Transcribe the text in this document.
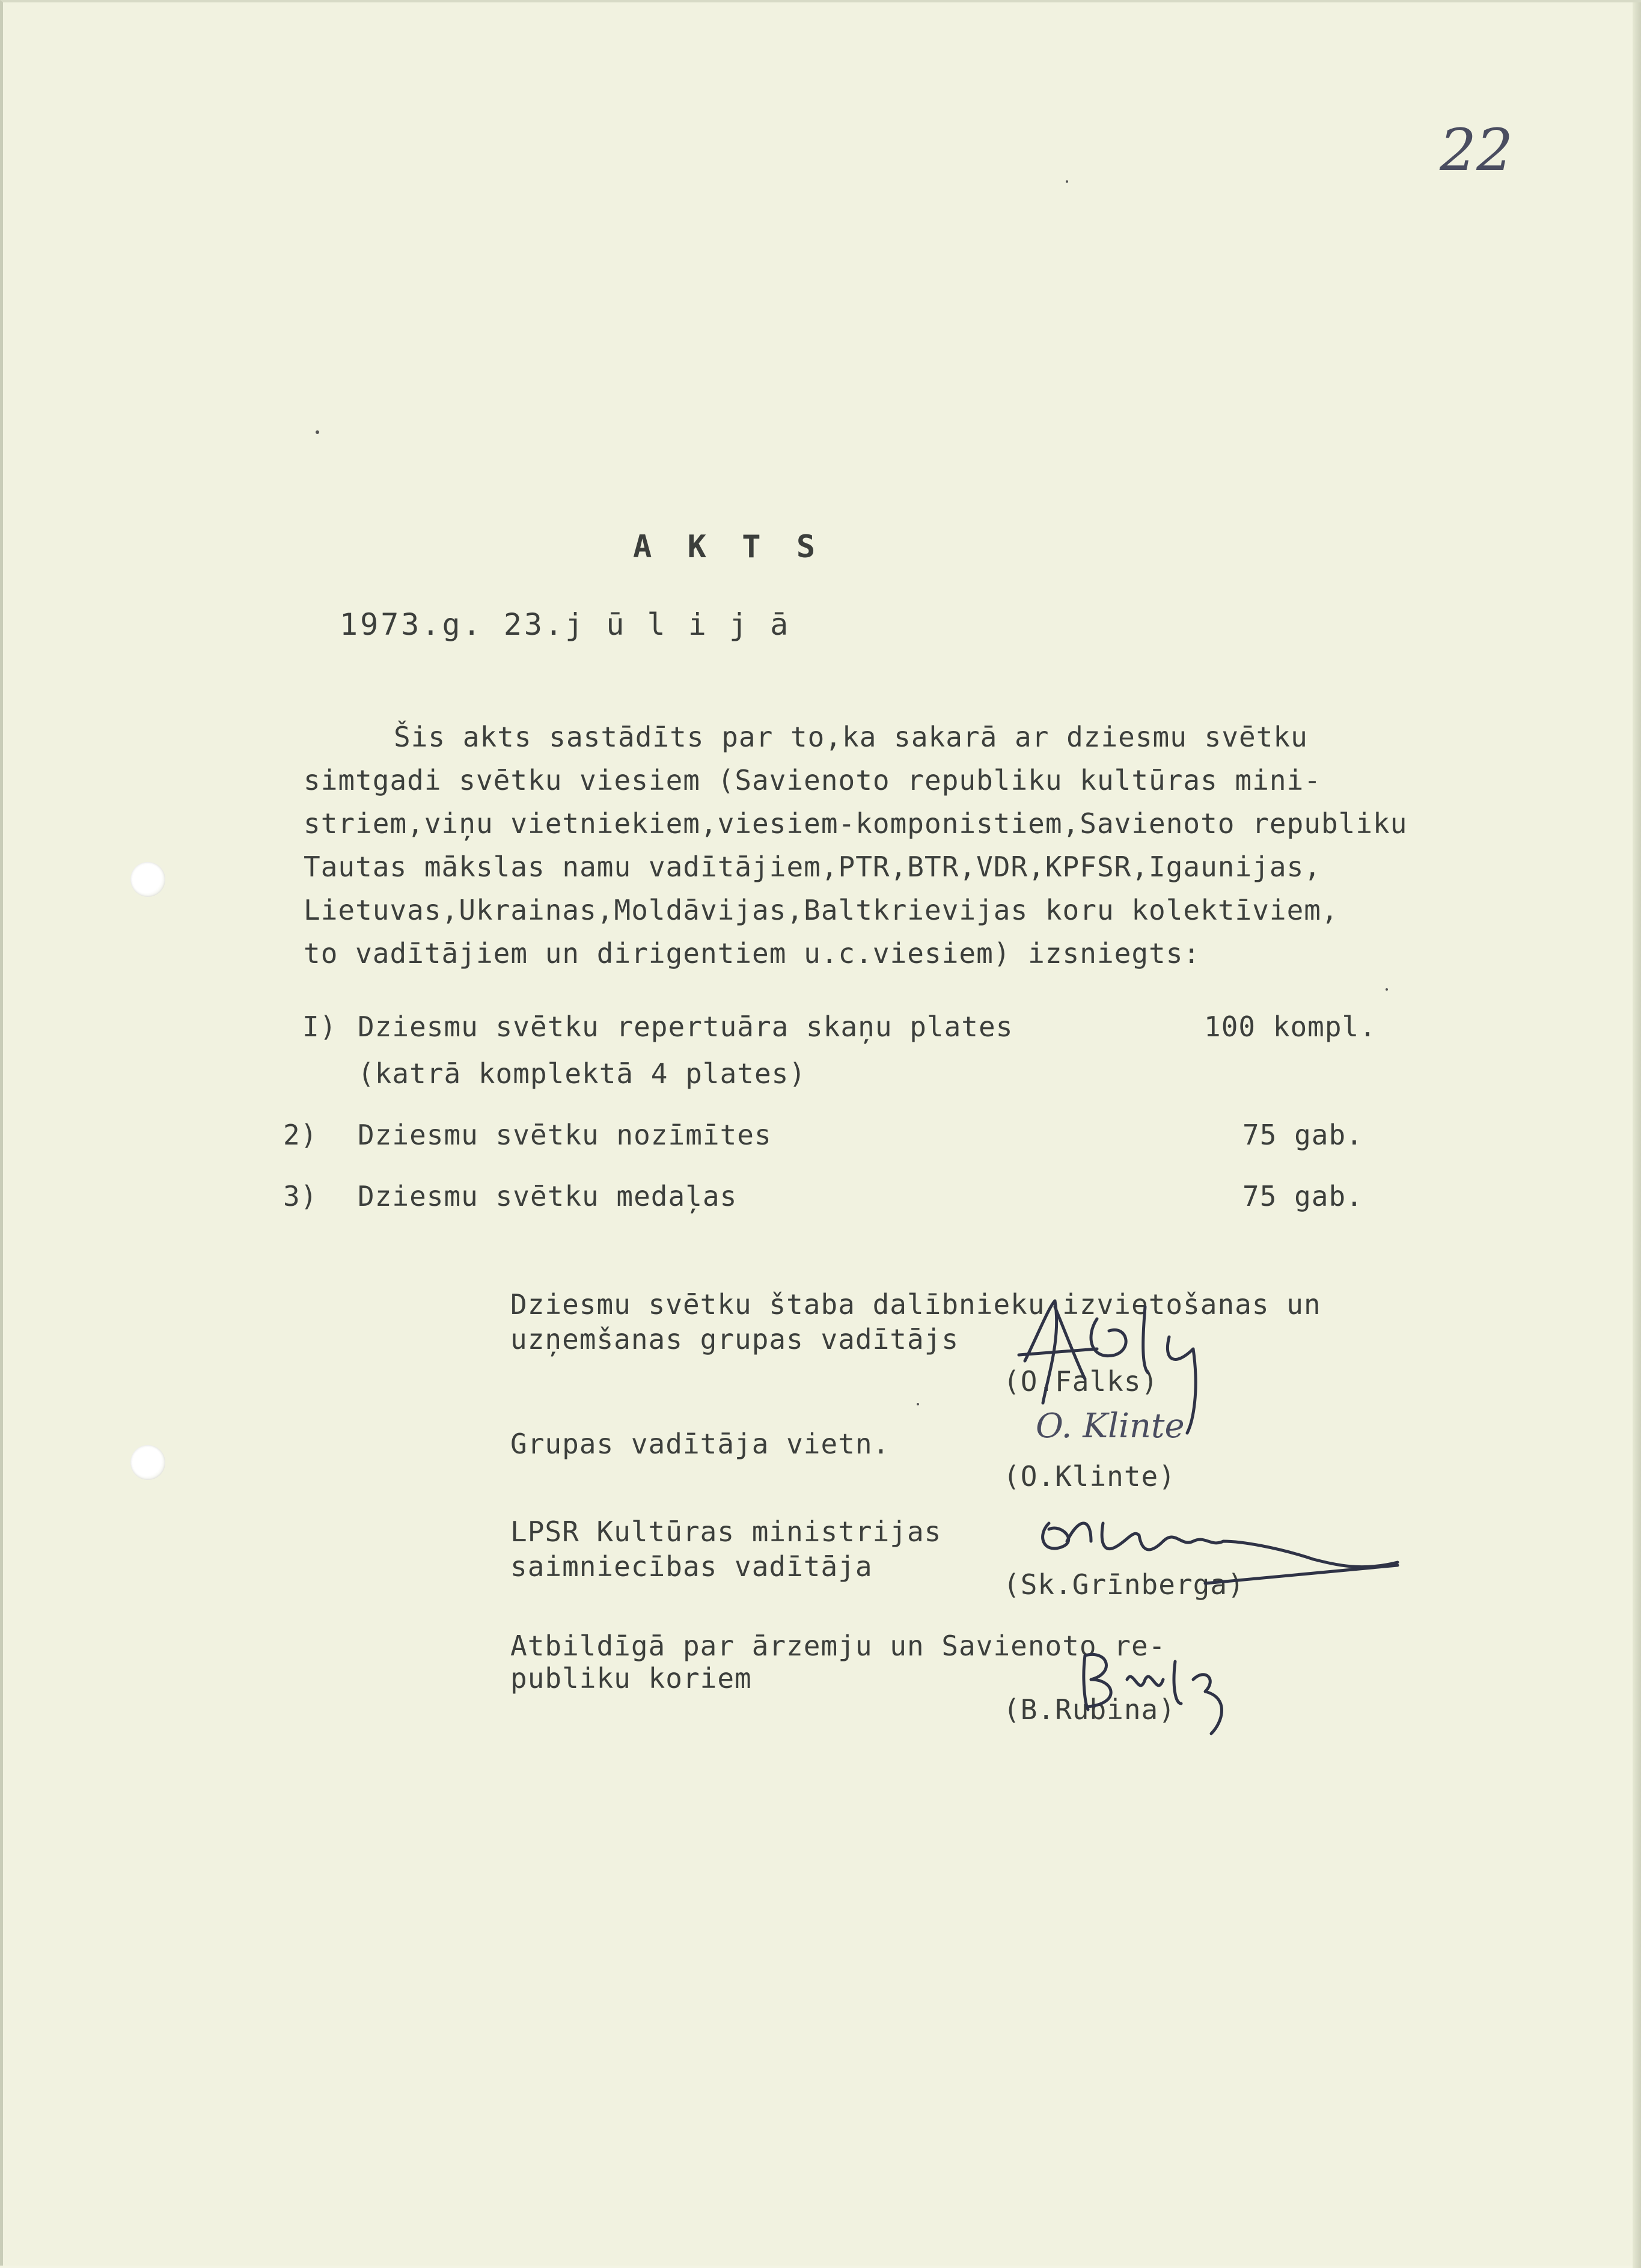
22
A K T S
1973.g. 23.j ū l i j ā
Šis akts sastādīts par to,ka sakarā ar dziesmu svētku
simtgadi svētku viesiem (Savienoto republiku kultūras mini-
striem,viņu vietniekiem,viesiem-komponistiem,Savienoto republiku
Tautas mākslas namu vadītājiem,PTR,BTR,VDR,KPFSR,Igaunijas,
Lietuvas,Ukrainas,Moldāvijas,Baltkrievijas koru kolektīviem,
to vadītājiem un dirigentiem u.c.viesiem) izsniegts:
I) Dziesmu svētku repertuāra skaņu plates	100 kompl.
(katrā komplektā 4 plates)
2) Dziesmu svētku nozīmītes	75 gab.
3) Dziesmu svētku medaļas	75 gab.
Dziesmu svētku štaba dalībnieku izvietošanas un
uzņemšanas grupas vadītājs
(O.Falks)
Grupas vadītāja vietn.
(O.Klinte)
O. Klinte
LPSR Kultūras ministrijas
saimniecības vadītāja
(Sk.Grīnberga)
Atbildīgā par ārzemju un Savienoto re-
publiku koriem
(B.Rubina)
